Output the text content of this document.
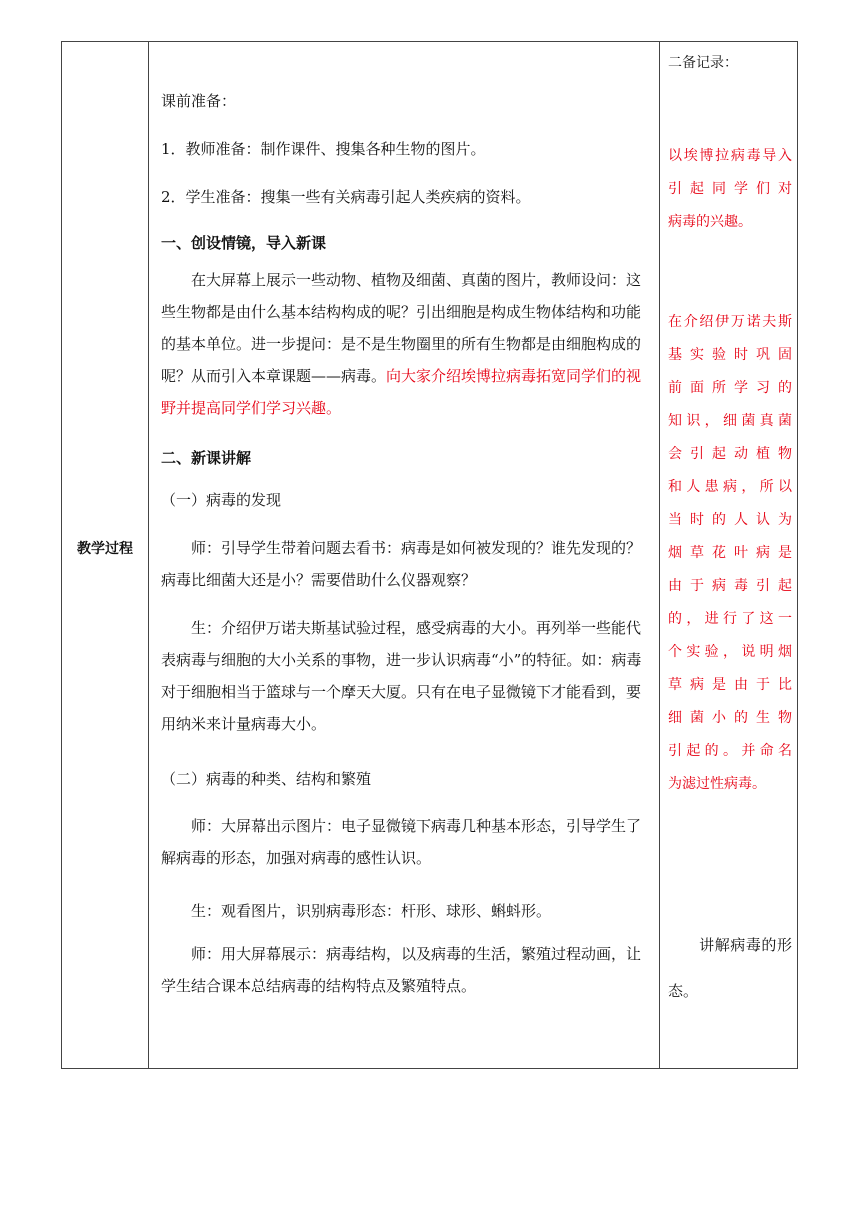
教学过程

课前准备：

1．教师准备：制作课件、搜集各种生物的图片。

2．学生准备：搜集一些有关病毒引起人类疾病的资料。

一、创设情镜，导入新课

在大屏幕上展示一些动物、植物及细菌、真菌的图片，教师设问：这些生物都是由什么基本结构构成的呢？引出细胞是构成生物体结构和功能的基本单位。进一步提问：是不是生物圈里的所有生物都是由细胞构成的呢？从而引入本章课题——病毒。向大家介绍埃博拉病毒拓宽同学们的视野并提高同学们学习兴趣。

二、新课讲解

（一）病毒的发现

师：引导学生带着问题去看书：病毒是如何被发现的？谁先发现的？病毒比细菌大还是小？需要借助什么仪器观察？

生：介绍伊万诺夫斯基试验过程，感受病毒的大小。再列举一些能代表病毒与细胞的大小关系的事物，进一步认识病毒“小”的特征。如：病毒对于细胞相当于篮球与一个摩天大厦。只有在电子显微镜下才能看到，要用纳米来计量病毒大小。

（二）病毒的种类、结构和繁殖

师：大屏幕出示图片：电子显微镜下病毒几种基本形态，引导学生了解病毒的形态，加强对病毒的感性认识。

生：观看图片，识别病毒形态：杆形、球形、蝌蚪形。

师：用大屏幕展示：病毒结构，以及病毒的生活，繁殖过程动画，让学生结合课本总结病毒的结构特点及繁殖特点。

二备记录：
以埃博拉病毒导入　　引起同学们对　　病毒的兴趣。
在介绍伊万诺夫斯　基实验时巩固　　前面所学习的　　知识，细菌真菌　　会引起动植物　　和人患病，所以　　当时的人认为　　烟草花叶病是　　由于病毒引起　　的，进行了这一　　个实验，说明烟　　草病是由于比　　细菌小的生物　　引起的。并命名　　为滤过性病毒。
　　讲解病毒的形态。
